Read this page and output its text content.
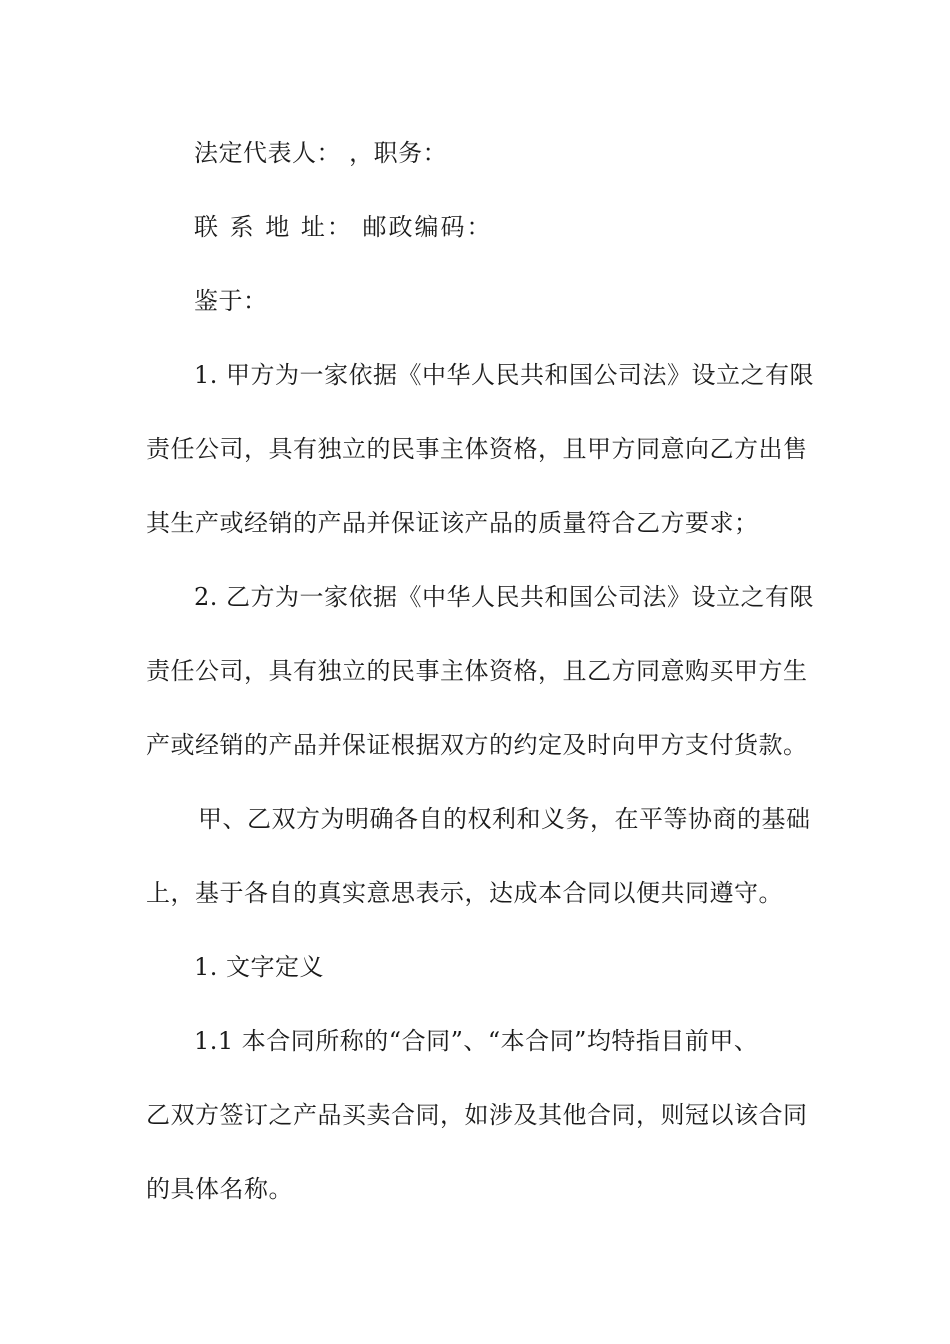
法定代表人： ，职务：
联 系 地 址： 邮政编码：
鉴于：
1. 甲方为一家依据《中华人民共和国公司法》设立之有限
责任公司，具有独立的民事主体资格，且甲方同意向乙方出售
其生产或经销的产品并保证该产品的质量符合乙方要求；
2. 乙方为一家依据《中华人民共和国公司法》设立之有限
责任公司，具有独立的民事主体资格，且乙方同意购买甲方生
产或经销的产品并保证根据双方的约定及时向甲方支付货款。
甲、乙双方为明确各自的权利和义务，在平等协商的基础
上，基于各自的真实意思表示，达成本合同以便共同遵守。
1. 文字定义
1.1 本合同所称的“合同”、“本合同”均特指目前甲、
乙双方签订之产品买卖合同，如涉及其他合同，则冠以该合同
的具体名称。
